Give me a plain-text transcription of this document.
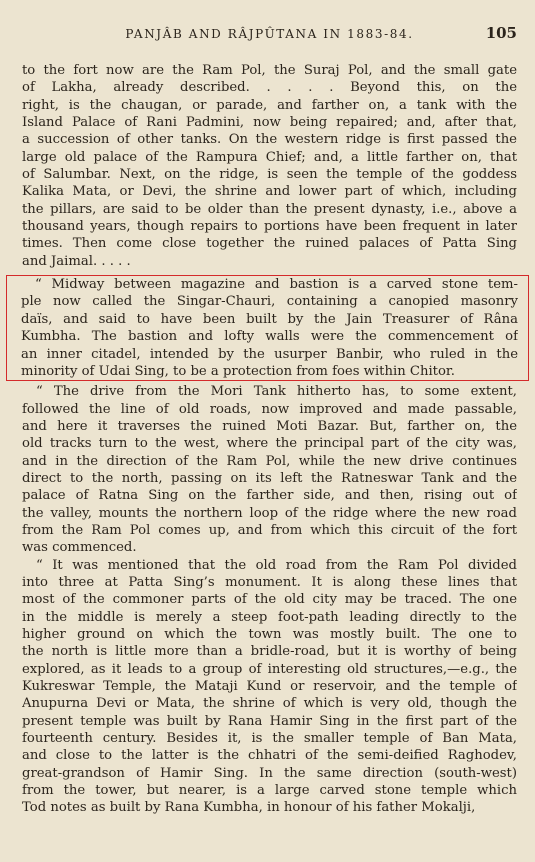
PANJÂB AND RÂJPÛTANA IN 1883-84.	105
to the fort now are the Ram Pol, the Suraj Pol, and the small gate
of Lakha, already described. . . . . Beyond this, on the
right, is the chaugan, or parade, and farther on, a tank with the
Island Palace of Rani Padmini, now being repaired; and, after that,
a succession of other tanks. On the western ridge is first passed the
large old palace of the Rampura Chief; and, a little farther on, that
of Salumbar. Next, on the ridge, is seen the temple of the goddess
Kalika Mata, or Devi, the shrine and lower part of which, including
the pillars, are said to be older than the present dynasty, i.e., above a
thousand years, though repairs to portions have been frequent in later
times. Then come close together the ruined palaces of Patta Sing
and Jaimal. . . . .
“ Midway between magazine and bastion is a carved stone tem-
ple now called the Singar-Chauri, containing a canopied masonry
daïs, and said to have been built by the Jain Treasurer of Râna
Kumbha. The bastion and lofty walls were the commencement of
an inner citadel, intended by the usurper Banbir, who ruled in the
minority of Udai Sing, to be a protection from foes within Chitor.
“ The drive from the Mori Tank hitherto has, to some extent,
followed the line of old roads, now improved and made passable,
and here it traverses the ruined Moti Bazar. But, farther on, the
old tracks turn to the west, where the principal part of the city was,
and in the direction of the Ram Pol, while the new drive continues
direct to the north, passing on its left the Ratneswar Tank and the
palace of Ratna Sing on the farther side, and then, rising out of
the valley, mounts the northern loop of the ridge where the new road
from the Ram Pol comes up, and from which this circuit of the fort
was commenced.
“ It was mentioned that the old road from the Ram Pol divided
into three at Patta Sing’s monument. It is along these lines that
most of the commoner parts of the old city may be traced. The one
in the middle is merely a steep foot-path leading directly to the
higher ground on which the town was mostly built. The one to
the north is little more than a bridle-road, but it is worthy of being
explored, as it leads to a group of interesting old structures,—e.g., the
Kukreswar Temple, the Mataji Kund or reservoir, and the temple of
Anupurna Devi or Mata, the shrine of which is very old, though the
present temple was built by Rana Hamir Sing in the first part of the
fourteenth century. Besides it, is the smaller temple of Ban Mata,
and close to the latter is the chhatri of the semi-deified Raghodev,
great-grandson of Hamir Sing. In the same direction (south-west)
from the tower, but nearer, is a large carved stone temple which
Tod notes as built by Rana Kumbha, in honour of his father Mokalji,
